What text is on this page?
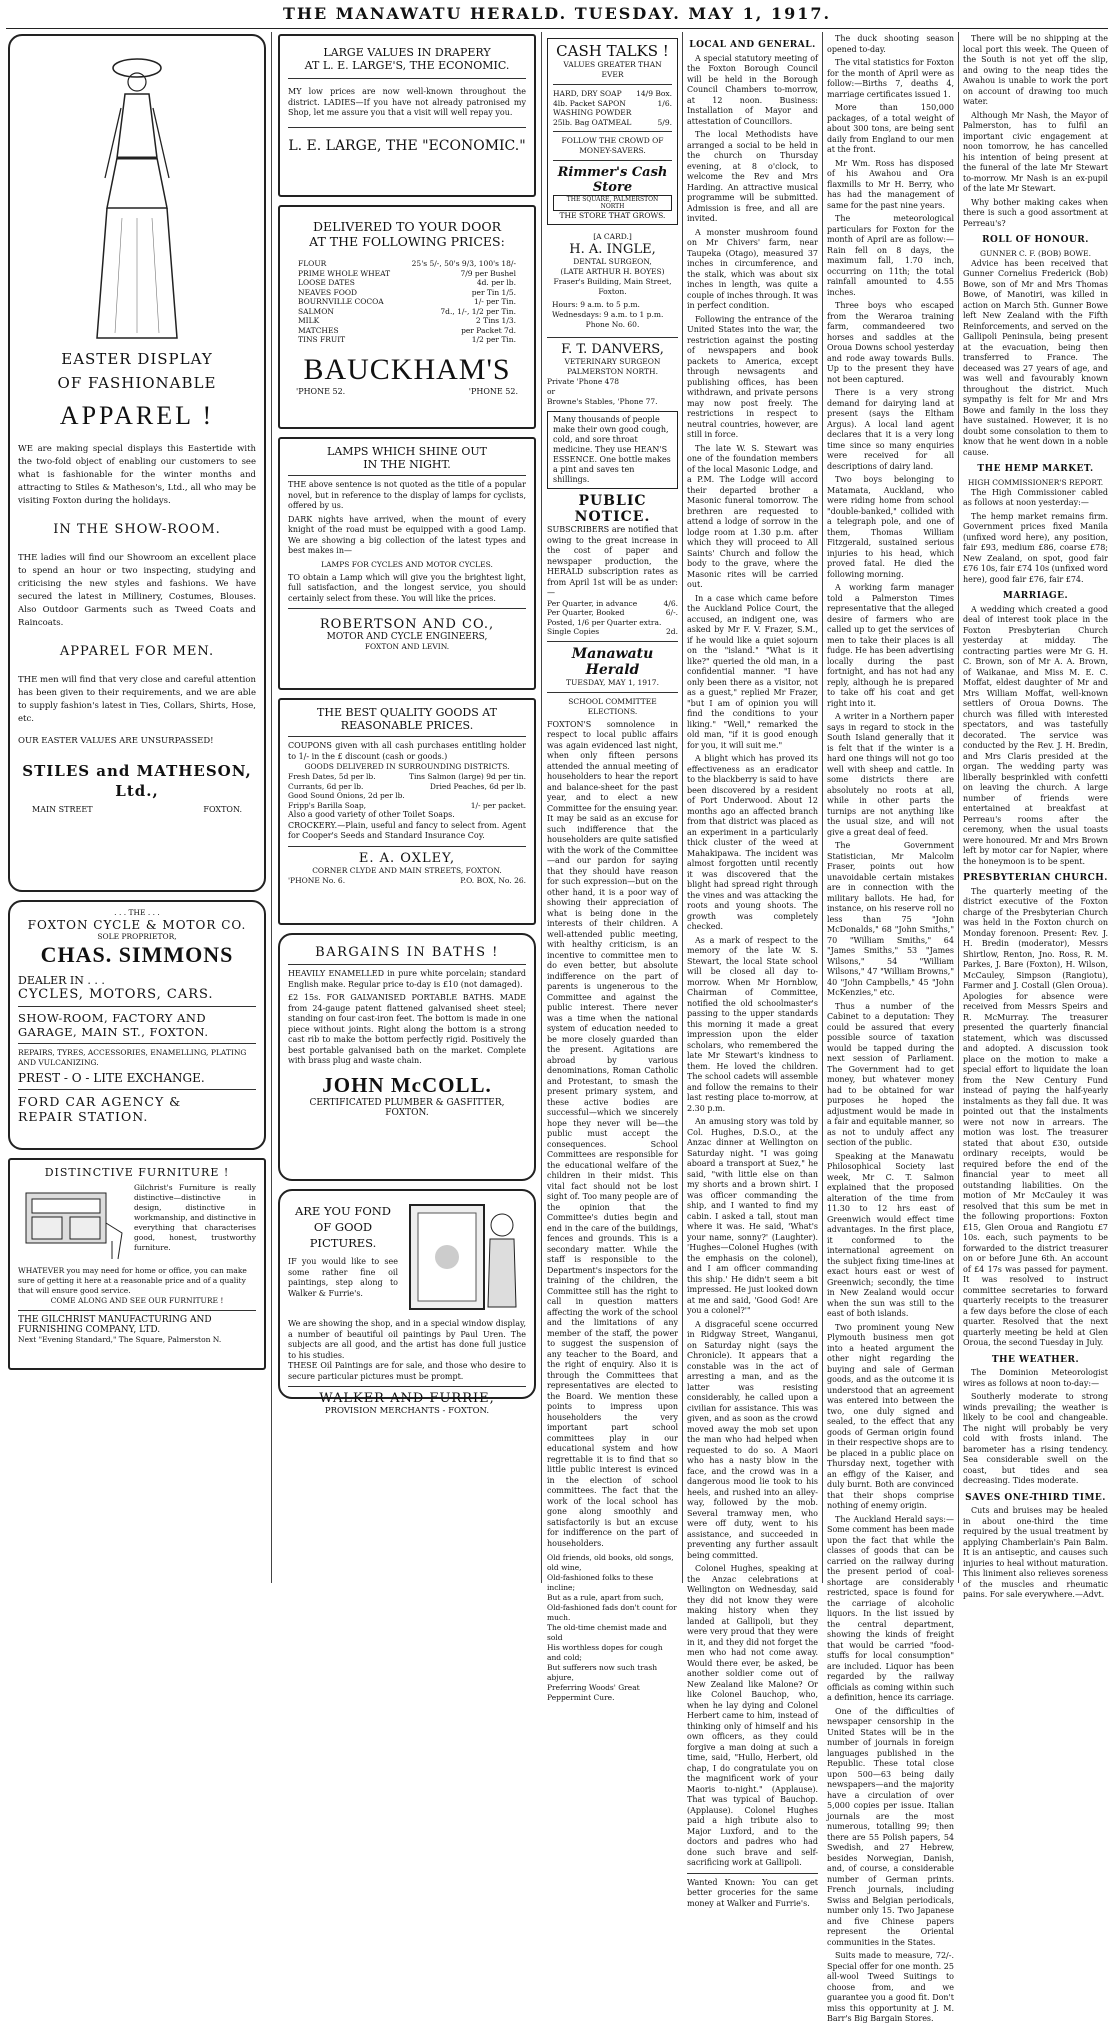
THE MANAWATU HERALD. TUESDAY. MAY 1, 1917.
EASTER DISPLAY
OF FASHIONABLE
APPAREL !
WE are making special displays this Eastertide with the two-fold object of enabling our customers to see what is fashionable for the winter months and attracting to Stiles & Matheson's, Ltd., all who may be visiting Foxton during the holidays.
IN THE SHOW-ROOM.
THE ladies will find our Showroom an excellent place to spend an hour or two inspecting, studying and criticising the new styles and fashions. We have secured the latest in Millinery, Costumes, Blouses. Also Outdoor Garments such as Tweed Coats and Raincoats.
APPAREL FOR MEN.
THE men will find that very close and careful attention has been given to their requirements, and we are able to supply fashion's latest in Ties, Collars, Shirts, Hose, etc.
OUR EASTER VALUES ARE UNSURPASSED!
STILES and MATHESON, Ltd.,
MAIN STREET	FOXTON.
. . . THE . . .
FOXTON CYCLE & MOTOR CO.
SOLE PROPRIETOR,
CHAS. SIMMONS
DEALER IN . . .
CYCLES, MOTORS, CARS.
SHOW-ROOM, FACTORY AND
GARAGE, MAIN ST., FOXTON.
REPAIRS, TYRES, ACCESSORIES, ENAMELLING, PLATING AND VULCANIZING.
PREST - O - LITE EXCHANGE.
FORD CAR AGENCY &
REPAIR STATION.
DISTINCTIVE FURNITURE !
Gilchrist's Furniture is really distinctive—distinctive in design, distinctive in workmanship, and distinctive in everything that characterises good, honest, trustworthy furniture.
WHATEVER you may need for home or office, you can make sure of getting it here at a reasonable price and of a quality that will ensure good service.
COME ALONG AND SEE OUR FURNITURE !
THE GILCHRIST MANUFACTURING AND FURNISHING COMPANY, LTD.
Next "Evening Standard," The Square, Palmerston N.
LARGE VALUES IN DRAPERY
AT L. E. LARGE'S, THE ECONOMIC.
MY low prices are now well-known throughout the district. LADIES—If you have not already patronised my Shop, let me assure you that a visit will well repay you.
L. E. LARGE, THE "ECONOMIC."
DELIVERED TO YOUR DOOR
AT THE FOLLOWING PRICES:
FLOUR	25's 5/-, 50's 9/3, 100's 18/-
PRIME WHOLE WHEAT	7/9 per Bushel
LOOSE DATES	4d. per lb.
NEAVES FOOD	per Tin 1/5.
BOURNVILLE COCOA	1/- per Tin.
SALMON	7d., 1/-, 1/2 per Tin.
MILK	2 Tins 1/3.
MATCHES	per Packet 7d.
TINS FRUIT	1/2 per Tin.
BAUCKHAM'S
'PHONE 52.	'PHONE 52.
LAMPS WHICH SHINE OUT
IN THE NIGHT.
THE above sentence is not quoted as the title of a popular novel, but in reference to the display of lamps for cyclists, offered by us.
DARK nights have arrived, when the mount of every knight of the road must be equipped with a good Lamp. We are showing a big collection of the latest types and best makes in—
LAMPS FOR CYCLES AND MOTOR CYCLES.
TO obtain a Lamp which will give you the brightest light, full satisfaction, and the longest service, you should certainly select from these. You will like the prices.
ROBERTSON AND CO.,
MOTOR AND CYCLE ENGINEERS,
FOXTON AND LEVIN.
THE BEST QUALITY GOODS AT
REASONABLE PRICES.
COUPONS given with all cash purchases entitling holder to 1/- in the £ discount (cash or goods.)
GOODS DELIVERED IN SURROUNDING DISTRICTS.
Fresh Dates, 5d per lb.	Tins Salmon (large) 9d per tin.
Currants, 6d per lb.	Dried Peaches, 6d per lb.
Good Sound Onions, 2d per lb.
Fripp's Barilla Soap,	1/- per packet.
Also a good variety of other Toilet Soaps.
CROCKERY.—Plain, useful and fancy to select from. Agent for Cooper's Seeds and Standard Insurance Coy.
E. A. OXLEY,
CORNER CLYDE AND MAIN STREETS, FOXTON.
'PHONE No. 6.	P.O. BOX, No. 26.
BARGAINS IN BATHS !
HEAVILY ENAMELLED in pure white porcelain; standard English make. Regular price to-day is £10 (not damaged).
£2 15s. FOR GALVANISED PORTABLE BATHS. MADE from 24-gauge patent flattened galvanised sheet steel; standing on four cast-iron feet. The bottom is made in one piece without joints. Right along the bottom is a strong cast rib to make the bottom perfectly rigid. Positively the best portable galvanised bath on the market. Complete with brass plug and waste chain.
JOHN McCOLL.
CERTIFICATED PLUMBER & GASFITTER,
FOXTON.
ARE YOU FOND OF GOOD PICTURES.
IF you would like to see some rather fine oil paintings, step along to Walker & Furrie's.
We are showing the shop, and in a special window display, a number of beautiful oil paintings by Paul Uren. The subjects are all good, and the artist has done full justice to his studies.
THESE Oil Paintings are for sale, and those who desire to secure particular pictures must be prompt.
WALKER AND FURRIE,
PROVISION MERCHANTS - FOXTON.
CASH TALKS !
VALUES GREATER THAN EVER
HARD, DRY SOAP 14/9 Box.
4lb. Packet SAPON WASHING POWDER
1/6.
25lb. Bag OATMEAL	5/9.
FOLLOW THE CROWD OF MONEY-SAVERS.
Rimmer's Cash Store
THE SQUARE, PALMERSTON NORTH
THE STORE THAT GROWS.
[A CARD.]
H. A. INGLE,
DENTAL SURGEON,
(LATE ARTHUR H. BOYES)
Fraser's Building, Main Street,
Foxton.
Hours: 9 a.m. to 5 p.m. Wednesdays: 9 a.m. to 1 p.m.
Phone No. 60.
F. T. DANVERS,
VETERINARY SURGEON
PALMERSTON NORTH.
Private 'Phone 478
or
Browne's Stables, 'Phone 77.
Many thousands of people make their own good cough, cold, and sore throat medicine. They use HEAN'S ESSENCE. One bottle makes a pint and saves ten shillings.
PUBLIC NOTICE.
SUBSCRIBERS are notified that owing to the great increase in the cost of paper and newspaper production, the HERALD subscription rates as from April 1st will be as under:—
Per Quarter, in advance	4/6.
Per Quarter, Booked	6/-.
Posted, 1/6 per Quarter extra.
Single Copies	2d.
Manawatu Herald
TUESDAY, MAY 1, 1917.
SCHOOL COMMITTEE ELECTIONS.
FOXTON'S somnolence in respect to local public affairs was again evidenced last night, when only fifteen persons attended the annual meeting of householders to hear the report and balance-sheet for the past year, and to elect a new Committee for the ensuing year. It may be said as an excuse for such indifference that the householders are quite satisfied with the work of the Committee—and our pardon for saying that they should have reason for such expression—but on the other hand, it is a poor way of showing their appreciation of what is being done in the interests of their children. A well-attended public meeting, with healthy criticism, is an incentive to committee men to do even better, but absolute indifference on the part of parents is ungenerous to the Committee and against the public interest. There never was a time when the national system of education needed to be more closely guarded than the present. Agitations are abroad by various denominations, Roman Catholic and Protestant, to smash the present primary system, and these active bodies are successful—which we sincerely hope they never will be—the public must accept the consequences. School Committees are responsible for the educational welfare of the children in their midst. This vital fact should not be lost sight of. Too many people are of the opinion that the Committee's duties begin and end in the care of the buildings, fences and grounds. This is a secondary matter. While the staff is responsible to the Department's inspectors for the training of the children, the Committee still has the right to call in question matters affecting the work of the school and the limitations of any member of the staff, the power to suggest the suspension of any teacher to the Board, and the right of enquiry. Also it is through the Committees that representatives are elected to the Board. We mention these points to impress upon householders the very important part school committees play in our educational system and how regrettable it is to find that so little public interest is evinced in the election of school committees. The fact that the work of the local school has gone along smoothly and satisfactorily is but an excuse for indifference on the part of householders.
Old friends, old books, old songs, old wine,
Old-fashioned folks to these incline;
But as a rule, apart from such,
Old-fashioned fads don't count for much.
The old-time chemist made and sold
His worthless dopes for cough and cold;
But sufferers now such trash abjure,
Preferring Woods' Great Peppermint Cure.
LOCAL AND GENERAL.

A special statutory meeting of the Foxton Borough Council will be held in the Borough Council Chambers to-morrow, at 12 noon. Business: Installation of Mayor and attestation of Councillors.

The local Methodists have arranged a social to be held in the church on Thursday evening, at 8 o'clock, to welcome the Rev and Mrs Harding. An attractive musical programme will be submitted. Admission is free, and all are invited.

A monster mushroom found on Mr Chivers' farm, near Taupeka (Otago), measured 37 inches in circumference, and the stalk, which was about six inches in length, was quite a couple of inches through. It was in perfect condition.

Following the entrance of the United States into the war, the restriction against the posting of newspapers and book packets to America, except through newsagents and publishing offices, has been withdrawn, and private persons may now post freely. The restrictions in respect to neutral countries, however, are still in force.

The late W. S. Stewart was one of the foundation members of the local Masonic Lodge, and a P.M. The Lodge will accord their departed brother a Masonic funeral tomorrow. The brethren are requested to attend a lodge of sorrow in the lodge room at 1.30 p.m. after which they will proceed to All Saints' Church and follow the body to the grave, where the Masonic rites will be carried out.

In a case which came before the Auckland Police Court, the accused, an indigent one, was asked by Mr F. V. Frazer, S.M., if he would like a quiet sojourn on the "island." "What is it like?" queried the old man, in a confidential manner. "I have only been there as a visitor, not as a guest," replied Mr Frazer, "but I am of opinion you will find the conditions to your liking." "Well," remarked the old man, "if it is good enough for you, it will suit me."

A blight which has proved its effectiveness as an eradicator to the blackberry is said to have been discovered by a resident of Port Underwood. About 12 months ago an affected branch from that district was placed as an experiment in a particularly thick cluster of the weed at Mahakipawa. The incident was almost forgotten until recently it was discovered that the blight had spread right through the vines and was attacking the roots and young shoots. The growth was completely checked.

As a mark of respect to the memory of the late W. S. Stewart, the local State school will be closed all day to-morrow. When Mr Hornblow, Chairman of Committee, notified the old schoolmaster's passing to the upper standards this morning it made a great impression upon the elder scholars, who remembered the late Mr Stewart's kindness to them. He loved the children. The school cadets will assemble and follow the remains to their last resting place to-morrow, at 2.30 p.m.

An amusing story was told by Col. Hughes, D.S.O., at the Anzac dinner at Wellington on Saturday night. "I was going aboard a transport at Suez," he said, "with little else on than my shorts and a brown shirt. I was officer commanding the ship, and I wanted to find my cabin. I asked a tall, stout man where it was. He said, 'What's your name, sonny?' (Laughter). 'Hughes—Colonel Hughes (with the emphasis on the colonel), and I am officer commanding this ship.' He didn't seem a bit impressed. He just looked down at me and said, 'Good God! Are you a colonel?'"

A disgraceful scene occurred in Ridgway Street, Wanganui, on Saturday night (says the Chronicle). It appears that a constable was in the act of arresting a man, and as the latter was resisting considerably, he called upon a civilian for assistance. This was given, and as soon as the crowd moved away the mob set upon the man who had helped when requested to do so. A Maori who has a nasty blow in the face, and the crowd was in a dangerous mood lie took to his heels, and rushed into an alley-way, followed by the mob. Several tramway men, who were off duty, went to his assistance, and succeeded in preventing any further assault being committed.

Colonel Hughes, speaking at the Anzac celebrations at Wellington on Wednesday, said they did not know they were making history when they landed at Gallipoli, but they were very proud that they were in it, and they did not forget the men who had not come away. Would there ever, be asked, be another soldier come out of New Zealand like Malone? Or like Colonel Bauchop, who, when he lay dying and Colonel Herbert came to him, instead of thinking only of himself and his own officers, as they could forgive a man doing at such a time, said, "Hullo, Herbert, old chap, I do congratulate you on the magnificent work of your Maoris to-night." (Applause). That was typical of Bauchop. (Applause). Colonel Hughes paid a high tribute also to Major Luxford, and to the doctors and padres who had done such brave and self-sacrificing work at Gallipoli.

Wanted Known: You can get better groceries for the same money at Walker and Furrie's.

The duck shooting season opened to-day.

The vital statistics for Foxton for the month of April were as follow:—Births 7, deaths 4, marriage certificates issued 1.

More than 150,000 packages, of a total weight of about 300 tons, are being sent daily from England to our men at the front.

Mr Wm. Ross has disposed of his Awahou and Ora flaxmills to Mr H. Berry, who has had the management of same for the past nine years.

The meteorological particulars for Foxton for the month of April are as follow:—Rain fell on 8 days, the maximum fall, 1.70 inch, occurring on 11th; the total rainfall amounted to 4.55 inches.

Three boys who escaped from the Weraroa training farm, commandeered two horses and saddles at the Oroua Downs school yesterday and rode away towards Bulls. Up to the present they have not been captured.

There is a very strong demand for dairying land at present (says the Eltham Argus). A local land agent declares that it is a very long time since so many enquiries were received for all descriptions of dairy land.

Two boys belonging to Matamata, Auckland, who were riding home from school "double-banked," collided with a telegraph pole, and one of them, Thomas William Fitzgerald, sustained serious injuries to his head, which proved fatal. He died the following morning.

A working farm manager told a Palmerston Times representative that the alleged desire of farmers who are called up to get the services of men to take their places is all fudge. He has been advertising locally during the past fortnight, and has not had any reply, although he is prepared to take off his coat and get right into it.

A writer in a Northern paper says in regard to stock in the South Island generally that it is felt that if the winter is a hard one things will not go too well with sheep and cattle. In some districts there are absolutely no roots at all, while in other parts the turnips are not anything like the usual size, and will not give a great deal of feed.

The Government Statistician, Mr Malcolm Fraser, points out how unavoidable certain mistakes are in connection with the military ballots. He had, for instance, on his reserve roll no less than 75 "John McDonalds," 68 "John Smiths," 70 "William Smiths," 64 "James Smiths," 53 "James Wilsons," 54 "William Wilsons," 47 "William Browns," 40 "John Campbells," 45 "John McKenzies," etc.

Thus a number of the Cabinet to a deputation: They could be assured that every possible source of taxation would be tapped during the next session of Parliament. The Government had to get money, but whatever money had to be obtained for war purposes he hoped the adjustment would be made in a fair and equitable manner, so as not to unduly affect any section of the public.

Speaking at the Manawatu Philosophical Society last week, Mr C. T. Salmon explained that the proposed alteration of the time from 11.30 to 12 hrs east of Greenwich would effect time advantages. In the first place, it conformed to the international agreement on the subject fixing time-lines at exact hours east or west of Greenwich; secondly, the time in New Zealand would occur when the sun was still to the east of both islands.

Two prominent young New Plymouth business men got into a heated argument the other night regarding the buying and sale of German goods, and as the outcome it is understood that an agreement was entered into between the two, one duly signed and sealed, to the effect that any goods of German origin found in their respective shops are to be placed in a public place on Thursday next, together with an effigy of the Kaiser, and duly burnt. Both are convinced that their shops comprise nothing of enemy origin.

The Auckland Herald says:—Some comment has been made upon the fact that while the classes of goods that can be carried on the railway during the present period of coal-shortage are considerably restricted, space is found for the carriage of alcoholic liquors. In the list issued by the central department, showing the kinds of freight that would be carried "food-stuffs for local consumption" are included. Liquor has been regarded by the railway officials as coming within such a definition, hence its carriage.

One of the difficulties of newspaper censorship in the United States will be in the number of journals in foreign languages published in the Republic. These total close upon 500—63 being daily newspapers—and the majority have a circulation of over 5,000 copies per issue. Italian journals are the most numerous, totalling 99; then there are 55 Polish papers, 54 Swedish, and 27 Hebrew, besides Norwegian, Danish, and, of course, a considerable number of German prints. French journals, including Swiss and Belgian periodicals, number only 15. Two Japanese and five Chinese papers represent the Oriental communities in the States.

Suits made to measure, 72/-. Special offer for one month. 25 all-wool Tweed Suitings to choose from, and we guarantee you a good fit. Don't miss this opportunity at J. M. Barr's Big Bargain Stores.

There will be no shipping at the local port this week. The Queen of the South is not yet off the slip, and owing to the neap tides the Awahou is unable to work the port on account of drawing too much water.

Although Mr Nash, the Mayor of Palmerston, has to fulfil an important civic engagement at noon tomorrow, he has cancelled his intention of being present at the funeral of the late Mr Stewart to-morrow. Mr Nash is an ex-pupil of the late Mr Stewart.

Why bother making cakes when there is such a good assortment at Perreau's?

ROLL OF HONOUR.
GUNNER C. F. (BOB) BOWE.

Advice has been received that Gunner Cornelius Frederick (Bob) Bowe, son of Mr and Mrs Thomas Bowe, of Manotiri, was killed in action on March 5th. Gunner Bowe left New Zealand with the Fifth Reinforcements, and served on the Gallipoli Peninsula, being present at the evacuation, being then transferred to France. The deceased was 27 years of age, and was well and favourably known throughout the district. Much sympathy is felt for Mr and Mrs Bowe and family in the loss they have sustained. However, it is no doubt some consolation to them to know that he went down in a noble cause.

THE HEMP MARKET.
HIGH COMMISSIONER'S REPORT.

The High Commissioner cabled as follows at noon yesterday:—

The hemp market remains firm. Government prices fixed Manila (unfixed word here), any position, fair £93, medium £86, coarse £78; New Zealand, on spot, good fair £76 10s, fair £74 10s (unfixed word here), good fair £76, fair £74.

MARRIAGE.

A wedding which created a good deal of interest took place in the Foxton Presbyterian Church yesterday at midday. The contracting parties were Mr G. H. C. Brown, son of Mr A. A. Brown, of Waikanae, and Miss M. E. C. Moffat, eldest daughter of Mr and Mrs William Moffat, well-known settlers of Oroua Downs. The church was filled with interested spectators, and was tastefully decorated. The service was conducted by the Rev. J. H. Bredin, and Mrs Claris presided at the organ. The wedding party was liberally besprinkled with confetti on leaving the church. A large number of friends were entertained at breakfast at Perreau's rooms after the ceremony, when the usual toasts were honoured. Mr and Mrs Brown left by motor car for Napier, where the honeymoon is to be spent.

PRESBYTERIAN CHURCH.

The quarterly meeting of the district executive of the Foxton charge of the Presbyterian Church was held in the Foxton church on Monday forenoon. Present: Rev. J. H. Bredin (moderator), Messrs Shirtlow, Renton, Jno. Ross, R. M. Parkes, J. Bare (Foxton), H. Wilson, McCauley, Simpson (Rangiotu), Farmer and J. Costall (Glen Oroua). Apologies for absence were received from Messrs Speirs and R. McMurray. The treasurer presented the quarterly financial statement, which was discussed and adopted. A discussion took place on the motion to make a special effort to liquidate the loan from the New Century Fund instead of paying the half-yearly instalments as they fall due. It was pointed out that the instalments were not now in arrears. The motion was lost. The treasurer stated that about £30, outside ordinary receipts, would be required before the end of the financial year to meet all outstanding liabilities. On the motion of Mr McCauley it was resolved that this sum be met in the following proportions: Foxton £15, Glen Oroua and Rangiotu £7 10s. each, such payments to be forwarded to the district treasurer on or before June 6th. An account of £4 17s was passed for payment. It was resolved to instruct committee secretaries to forward quarterly receipts to the treasurer a few days before the close of each quarter. Resolved that the next quarterly meeting be held at Glen Oroua, the second Tuesday in July.

THE WEATHER.

The Dominion Meteorologist wires as follows at noon to-day:—

Southerly moderate to strong winds prevailing; the weather is likely to be cool and changeable. The night will probably be very cold with frosts inland. The barometer has a rising tendency. Sea considerable swell on the coast, but tides and sea decreasing. Tides moderate.

SAVES ONE-THIRD TIME.

Cuts and bruises may be healed in about one-third the time required by the usual treatment by applying Chamberlain's Pain Balm. It is an antiseptic, and causes such injuries to heal without maturation. This liniment also relieves soreness of the muscles and rheumatic pains. For sale everywhere.—Advt.
